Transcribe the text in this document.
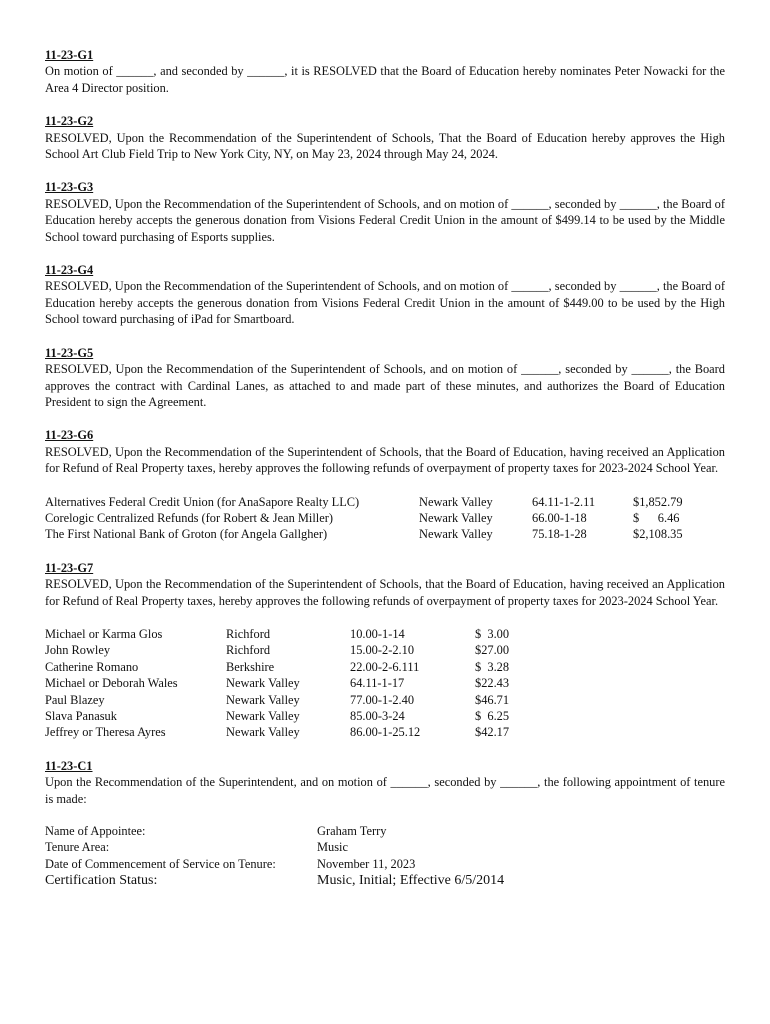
11-23-G1
On motion of ______, and seconded by ______, it is RESOLVED that the Board of Education hereby nominates Peter Nowacki for the Area 4 Director position.
11-23-G2
RESOLVED, Upon the Recommendation of the Superintendent of Schools, That the Board of Education hereby approves the High School Art Club Field Trip to New York City, NY, on May 23, 2024 through May 24, 2024.
11-23-G3
RESOLVED, Upon the Recommendation of the Superintendent of Schools, and on motion of ______, seconded by ______, the Board of Education hereby accepts the generous donation from Visions Federal Credit Union in the amount of $499.14 to be used by the Middle School toward purchasing of Esports supplies.
11-23-G4
RESOLVED, Upon the Recommendation of the Superintendent of Schools, and on motion of ______, seconded by ______, the Board of Education hereby accepts the generous donation from Visions Federal Credit Union in the amount of $449.00 to be used by the High School toward purchasing of iPad for Smartboard.
11-23-G5
RESOLVED, Upon the Recommendation of the Superintendent of Schools, and on motion of ______, seconded by ______, the Board approves the contract with Cardinal Lanes, as attached to and made part of these minutes, and authorizes the Board of Education President to sign the Agreement.
11-23-G6
RESOLVED, Upon the Recommendation of the Superintendent of Schools, that the Board of Education, having received an Application for Refund of Real Property taxes, hereby approves the following refunds of overpayment of property taxes for 2023-2024 School Year.
Alternatives Federal Credit Union (for AnaSapore Realty LLC)	Newark Valley	64.11-1-2.11	$1,852.79
Corelogic Centralized Refunds (for Robert & Jean Miller)	Newark Valley	66.00-1-18	$      6.46
The First National Bank of Groton (for Angela Gallgher)	Newark Valley	75.18-1-28	$2,108.35
11-23-G7
RESOLVED, Upon the Recommendation of the Superintendent of Schools, that the Board of Education, having received an Application for Refund of Real Property taxes, hereby approves the following refunds of overpayment of property taxes for 2023-2024 School Year.
Michael or Karma Glos	Richford	10.00-1-14	$  3.00
John Rowley	Richford	15.00-2-2.10	$27.00
Catherine Romano	Berkshire	22.00-2-6.111	$  3.28
Michael or Deborah Wales	Newark Valley	64.11-1-17	$22.43
Paul Blazey	Newark Valley	77.00-1-2.40	$46.71
Slava Panasuk	Newark Valley	85.00-3-24	$  6.25
Jeffrey or Theresa Ayres	Newark Valley	86.00-1-25.12	$42.17
11-23-C1
Upon the Recommendation of the Superintendent, and on motion of ______, seconded by ______, the following appointment of tenure is made:
Name of Appointee:	Graham Terry
Tenure Area:	Music
Date of Commencement of Service on Tenure:	November 11, 2023
Certification Status:	Music, Initial; Effective 6/5/2014
